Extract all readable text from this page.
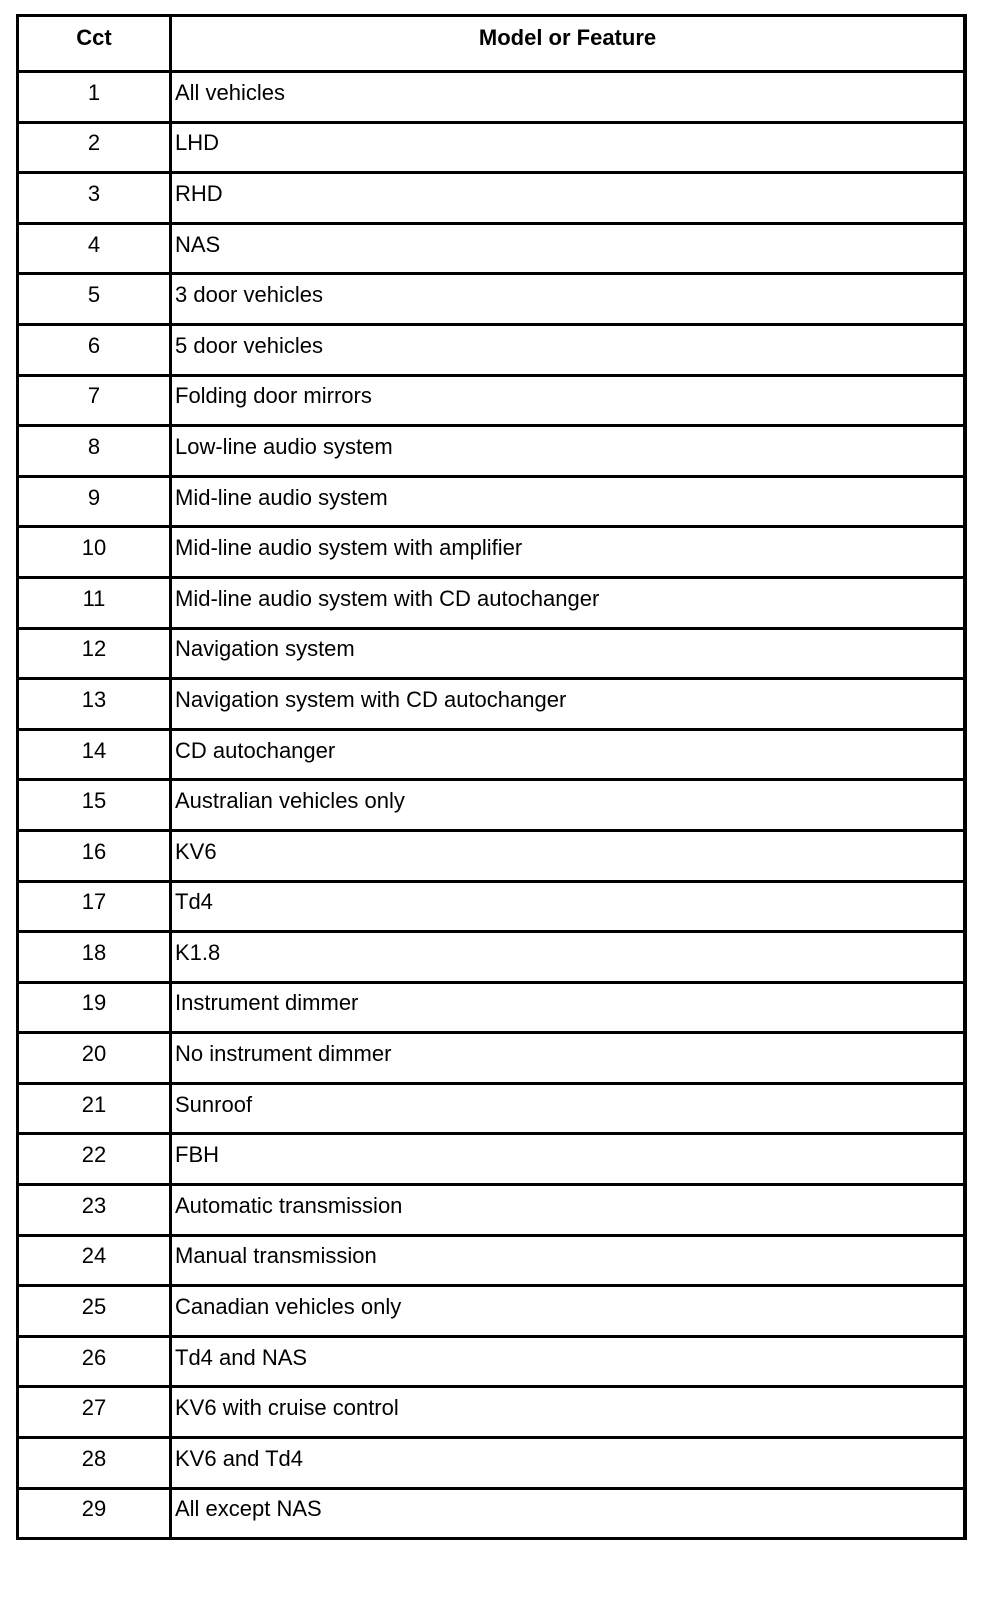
Cct	Model or Feature
1	All vehicles
2	LHD
3	RHD
4	NAS
5	3 door vehicles
6	5 door vehicles
7	Folding door mirrors
8	Low-line audio system
9	Mid-line audio system
10	Mid-line audio system with amplifier
11	Mid-line audio system with CD autochanger
12	Navigation system
13	Navigation system with CD autochanger
14	CD autochanger
15	Australian vehicles only
16	KV6
17	Td4
18	K1.8
19	Instrument dimmer
20	No instrument dimmer
21	Sunroof
22	FBH
23	Automatic transmission
24	Manual transmission
25	Canadian vehicles only
26	Td4 and NAS
27	KV6 with cruise control
28	KV6 and Td4
29	All except NAS
